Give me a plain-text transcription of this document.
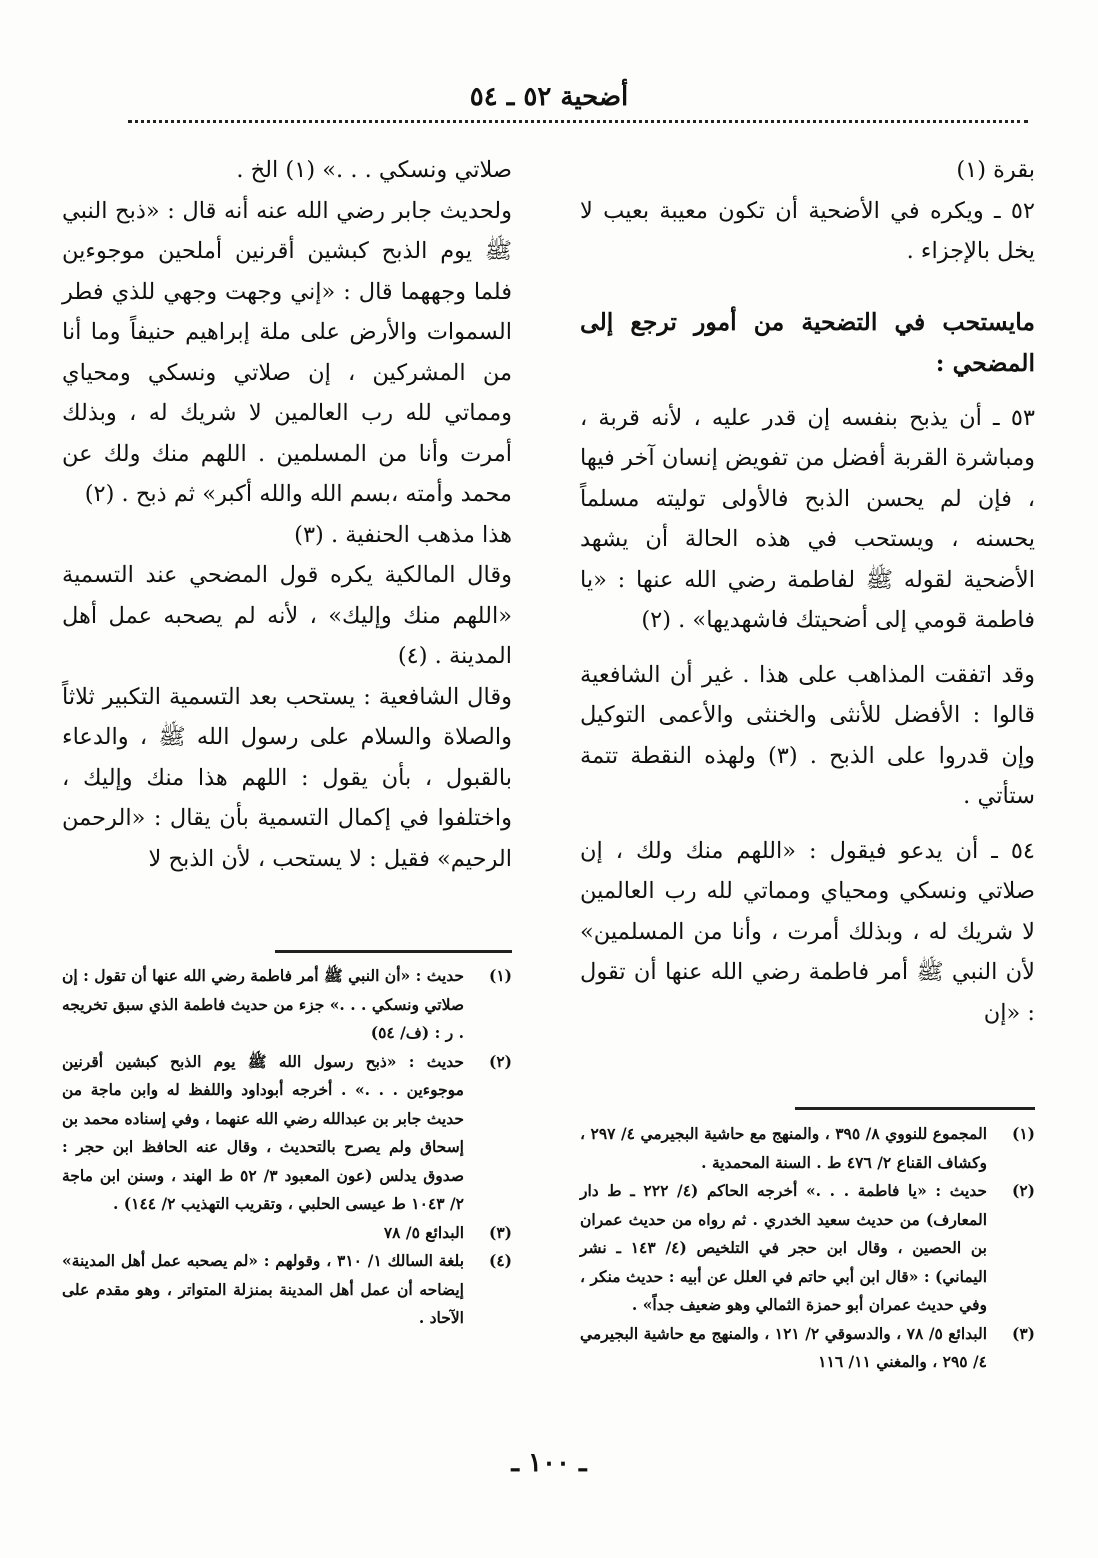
أضحية ٥٢ ـ ٥٤

بقرة (١)

٥٢ ـ ويكره في الأضحية أن تكون معيبة بعيب لا يخل بالإجزاء .

مايستحب في التضحية من أمور ترجع إلى المضحي :

٥٣ ـ أن يذبح بنفسه إن قدر عليه ، لأنه قربة ، ومباشرة القربة أفضل من تفويض إنسان آخر فيها ، فإن لم يحسن الذبح فالأولى توليته مسلماً يحسنه ، ويستحب في هذه الحالة أن يشهد الأضحية لقوله ﷺ لفاطمة رضي الله عنها : «يا فاطمة قومي إلى أضحيتك فاشهديها» . (٢)

وقد اتفقت المذاهب على هذا . غير أن الشافعية قالوا : الأفضل للأنثى والخنثى والأعمى التوكيل وإن قدروا على الذبح . (٣) ولهذه النقطة تتمة ستأتي .

٥٤ ـ أن يدعو فيقول : «اللهم منك ولك ، إن صلاتي ونسكي ومحياي ومماتي لله رب العالمين لا شريك له ، وبذلك أمرت ، وأنا من المسلمين» لأن النبي ﷺ أمر فاطمة رضي الله عنها أن تقول : «إن

صلاتي ونسكي . . .» (١) الخ .

ولحديث جابر رضي الله عنه أنه قال : «ذبح النبي ﷺ يوم الذبح كبشين أقرنين أملحين موجوءين فلما وجههما قال : «إني وجهت وجهي للذي فطر السموات والأرض على ملة إبراهيم حنيفاً وما أنا من المشركين ، إن صلاتي ونسكي ومحياي ومماتي لله رب العالمين لا شريك له ، وبذلك أمرت وأنا من المسلمين . اللهم منك ولك عن محمد وأمته ،بسم الله والله أكبر» ثم ذبح . (٢)

هذا مذهب الحنفية . (٣)

وقال المالكية يكره قول المضحي عند التسمية «اللهم منك وإليك» ، لأنه لم يصحبه عمل أهل المدينة . (٤)

وقال الشافعية : يستحب بعد التسمية التكبير ثلاثاً والصلاة والسلام على رسول الله ﷺ ، والدعاء بالقبول ، بأن يقول : اللهم هذا منك وإليك ، واختلفوا في إكمال التسمية بأن يقال : «الرحمن الرحيم» فقيل : لا يستحب ، لأن الذبح لا

(١)
المجموع للنووي ٨/ ٣٩٥ ، والمنهج مع حاشية البجيرمي ٤/ ٢٩٧ ، وكشاف القناع ٢/ ٤٧٦ ط . السنة المحمدية .
(٢)
حديث : «يا فاطمة . . .» أخرجه الحاكم (٤/ ٢٢٢ ـ ط دار المعارف) من حديث سعيد الخدري . ثم رواه من حديث عمران بن الحصين ، وقال ابن حجر في التلخيص (٤/ ١٤٣ ـ نشر اليماني) : «قال ابن أبي حاتم في العلل عن أبيه : حديث منكر ، وفي حديث عمران أبو حمزة الثمالي وهو ضعيف جداً» .
(٣)
البدائع ٥/ ٧٨ ، والدسوقي ٢/ ١٢١ ، والمنهج مع حاشية البجيرمي ٤/ ٢٩٥ ، والمغني ١١/ ١١٦
(١)
حديث : «أن النبي ﷺ أمر فاطمة رضي الله عنها أن تقول : إن صلاتي ونسكي . . .» جزء من حديث فاطمة الذي سبق تخريجه . ر : (ف/ ٥٤)
(٢)
حديث : «ذبح رسول الله ﷺ يوم الذبح كبشين أقرنين موجوءين . . .» . أخرجه أبوداود واللفظ له وابن ماجة من حديث جابر بن عبدالله رضي الله عنهما ، وفي إسناده محمد بن إسحاق ولم يصرح بالتحديث ، وقال عنه الحافظ ابن حجر : صدوق يدلس (عون المعبود ٣/ ٥٢ ط الهند ، وسنن ابن ماجة ٢/ ١٠٤٣ ط عيسى الحلبي ، وتقريب التهذيب ٢/ ١٤٤) .
(٣)
البدائع ٥/ ٧٨
(٤)
بلغة السالك ١/ ٣١٠ ، وقولهم : «لم يصحبه عمل أهل المدينة» إيضاحه أن عمل أهل المدينة بمنزلة المتواتر ، وهو مقدم على الآحاد .
ـ ١٠٠ ـ
